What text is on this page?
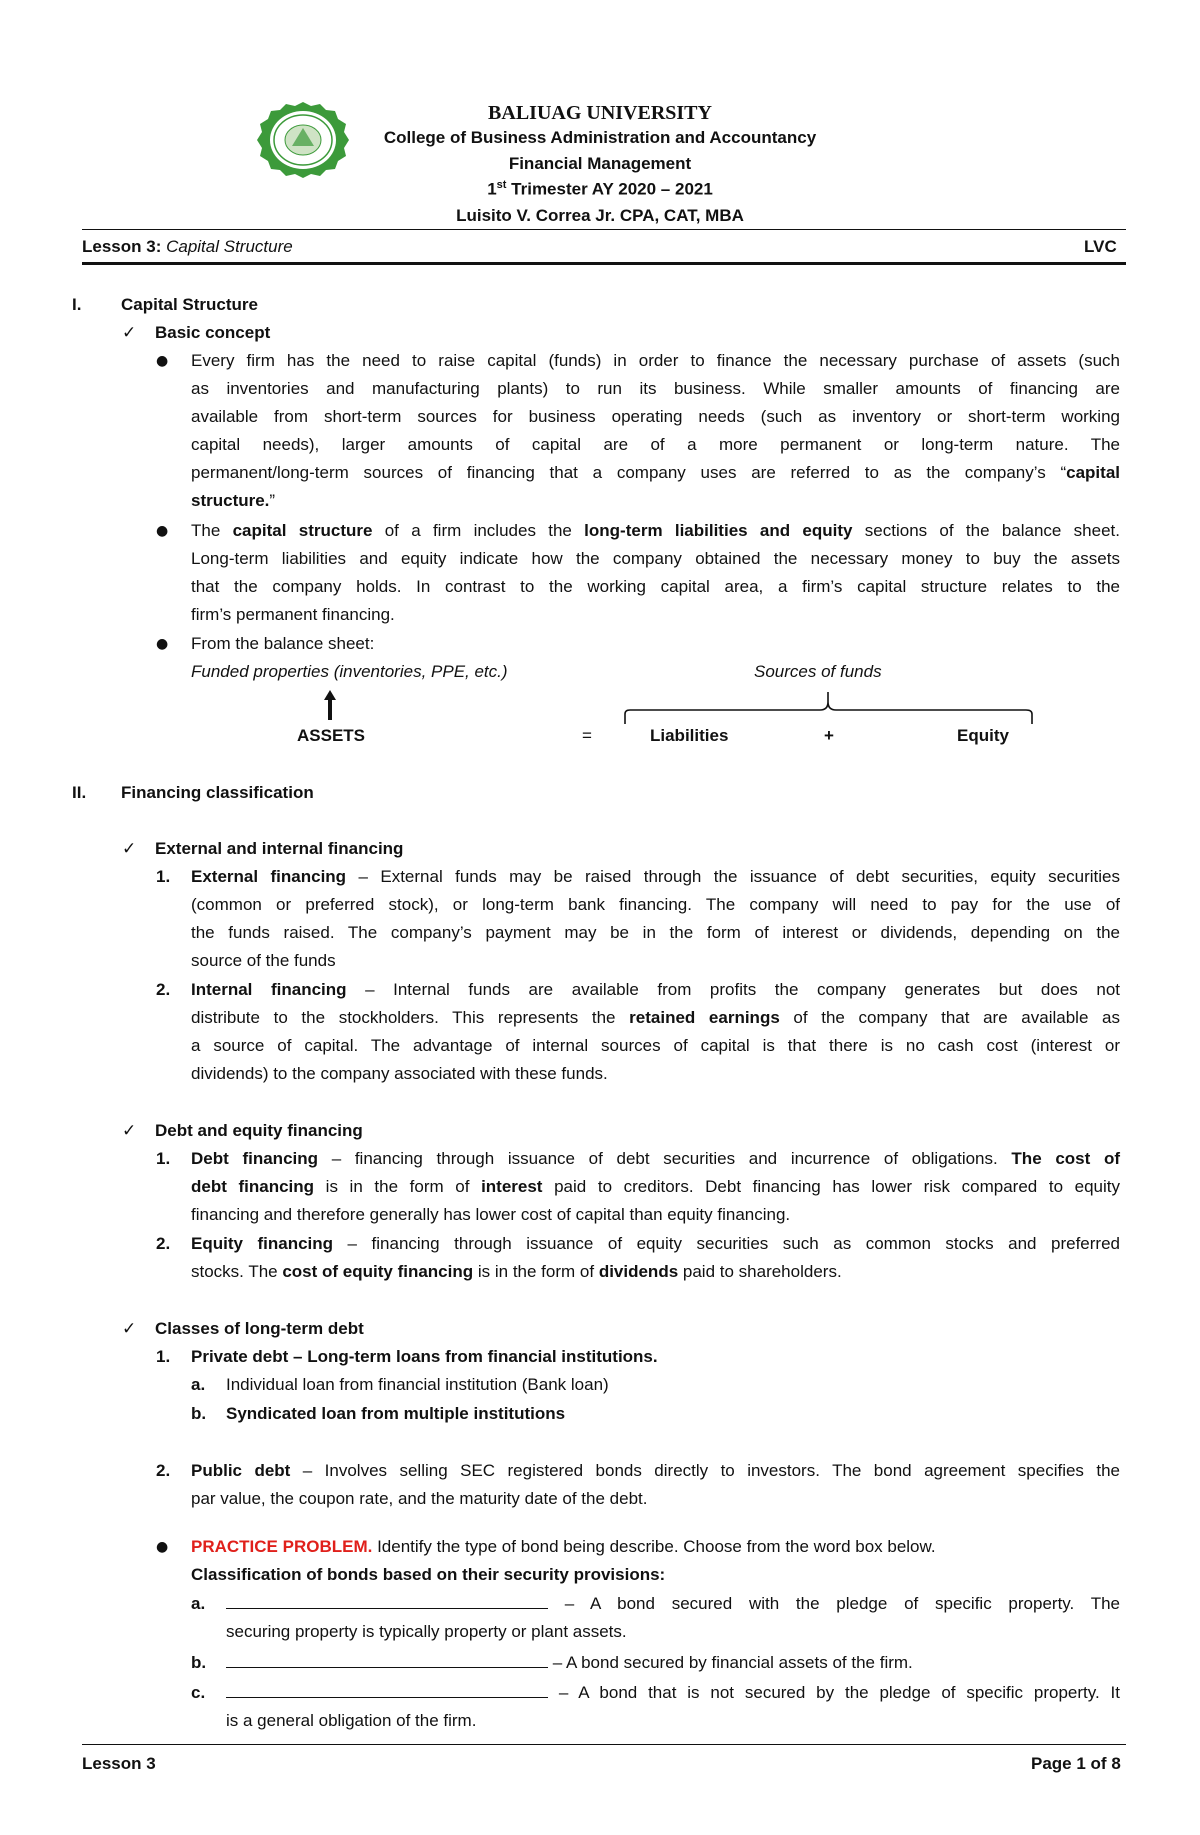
BALIUAG UNIVERSITY
College of Business Administration and Accountancy
Financial Management
1st Trimester AY 2020 – 2021
Luisito V. Correa Jr. CPA, CAT, MBA
Lesson 3: Capital Structure	LVC
I. Capital Structure
✓ Basic concept
● Every firm has the need to raise capital (funds) in order to finance the necessary purchase of assets (such
as inventories and manufacturing plants) to run its business. While smaller amounts of financing are
available from short-term sources for business operating needs (such as inventory or short-term working
capital needs), larger amounts of capital are of a more permanent or long-term nature. The
permanent/long-term sources of financing that a company uses are referred to as the company’s “capital
structure.”
● The capital structure of a firm includes the long-term liabilities and equity sections of the balance sheet.
Long-term liabilities and equity indicate how the company obtained the necessary money to buy the assets
that the company holds. In contrast to the working capital area, a firm’s capital structure relates to the
firm’s permanent financing.
● From the balance sheet:
Funded properties (inventories, PPE, etc.)	Sources of funds
ASSETS	=	Liabilities	+	Equity
II. Financing classification
✓ External and internal financing
1. External financing – External funds may be raised through the issuance of debt securities, equity securities
(common or preferred stock), or long-term bank financing. The company will need to pay for the use of
the funds raised. The company’s payment may be in the form of interest or dividends, depending on the
source of the funds
2. Internal financing – Internal funds are available from profits the company generates but does not
distribute to the stockholders. This represents the retained earnings of the company that are available as
a source of capital. The advantage of internal sources of capital is that there is no cash cost (interest or
dividends) to the company associated with these funds.
✓ Debt and equity financing
1. Debt financing – financing through issuance of debt securities and incurrence of obligations. The cost of
debt financing is in the form of interest paid to creditors. Debt financing has lower risk compared to equity
financing and therefore generally has lower cost of capital than equity financing.
2. Equity financing – financing through issuance of equity securities such as common stocks and preferred
stocks. The cost of equity financing is in the form of dividends paid to shareholders.
✓ Classes of long-term debt
1. Private debt – Long-term loans from financial institutions.
a. Individual loan from financial institution (Bank loan)
b. Syndicated loan from multiple institutions
2. Public debt – Involves selling SEC registered bonds directly to investors. The bond agreement specifies the
par value, the coupon rate, and the maturity date of the debt.
● PRACTICE PROBLEM. Identify the type of bond being describe. Choose from the word box below.
Classification of bonds based on their security provisions:
a.	– A bond secured with the pledge of specific property. The
securing property is typically property or plant assets.
b.	– A bond secured by financial assets of the firm.
c.	– A bond that is not secured by the pledge of specific property. It
is a general obligation of the firm.
Lesson 3	Page 1 of 8
